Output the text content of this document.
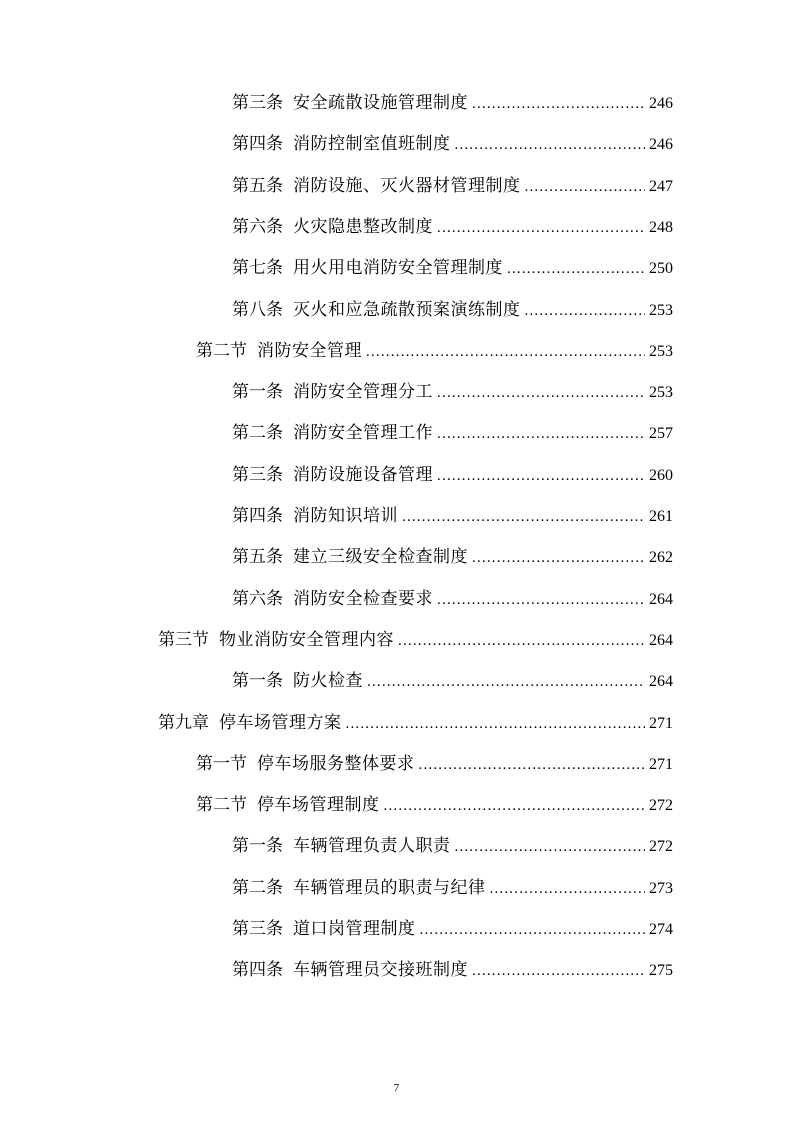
第三条 安全疏散设施管理制度 .....	246
第四条 消防控制室值班制度 .....	246
第五条 消防设施、灭火器材管理制度 .....	247
第六条 火灾隐患整改制度 .....	248
第七条 用火用电消防安全管理制度 .....	250
第八条 灭火和应急疏散预案演练制度 .....	253
第二节 消防安全管理 .....	253
第一条 消防安全管理分工 .....	253
第二条 消防安全管理工作 .....	257
第三条 消防设施设备管理 .....	260
第四条 消防知识培训 .....	261
第五条 建立三级安全检查制度 .....	262
第六条 消防安全检查要求 .....	264
第三节 物业消防安全管理内容 .....	264
第一条 防火检查 .....	264
第九章 停车场管理方案 .....	271
第一节 停车场服务整体要求 .....	271
第二节 停车场管理制度 .....	272
第一条 车辆管理负责人职责 .....	272
第二条 车辆管理员的职责与纪律 .....	273
第三条 道口岗管理制度 .....	274
第四条 车辆管理员交接班制度 .....	275
7
